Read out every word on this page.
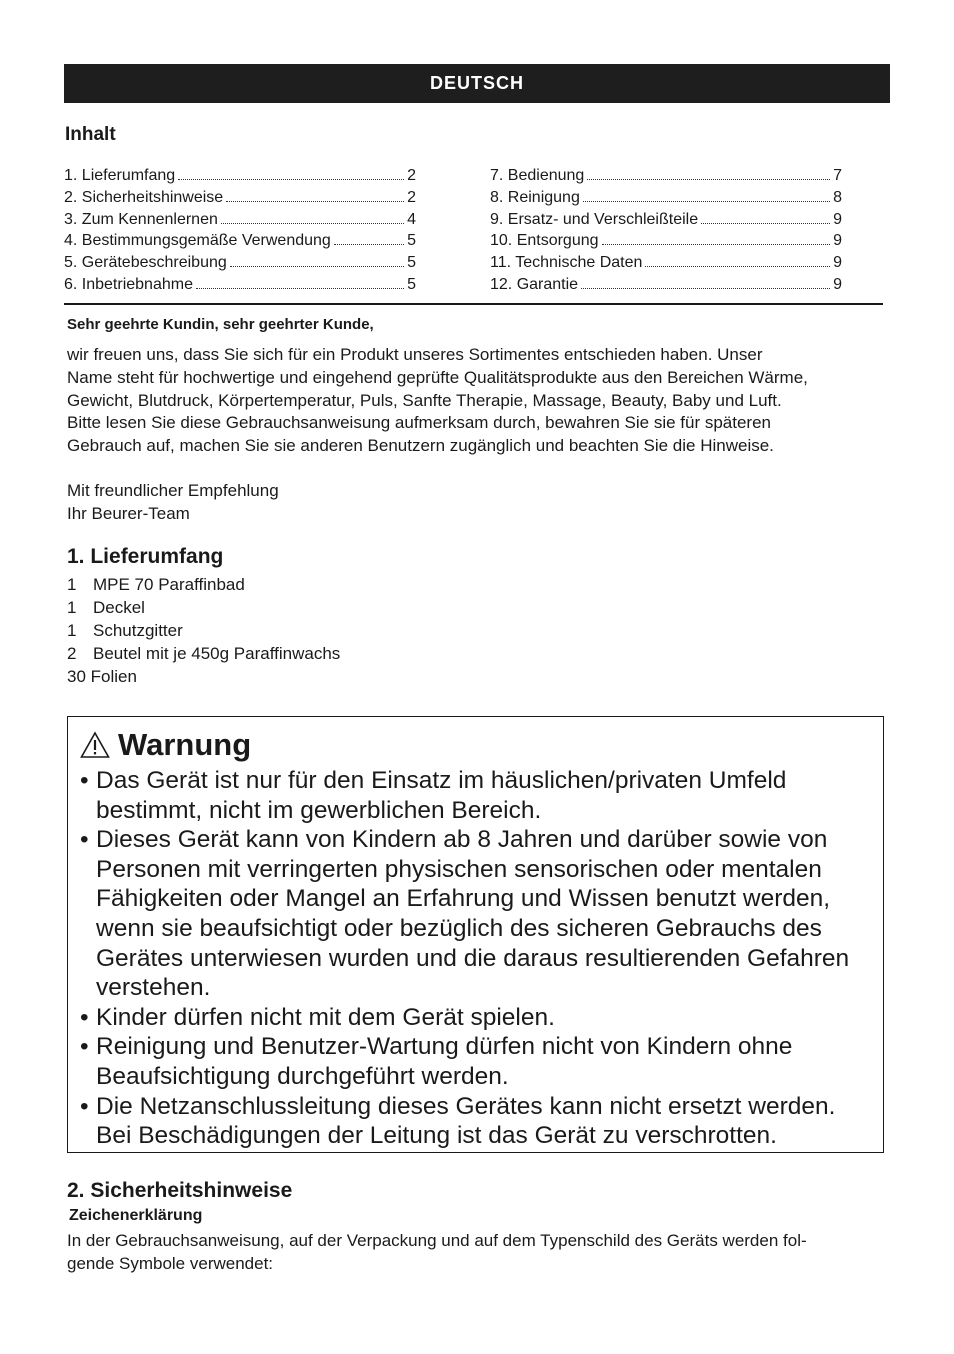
DEUTSCH
Inhalt
1. Lieferumfang	2
2. Sicherheitshinweise	2
3. Zum Kennenlernen	4
4. Bestimmungsgemäße Verwendung	5
5. Gerätebeschreibung	5
6. Inbetriebnahme	5
7. Bedienung	7
8. Reinigung	8
9. Ersatz- und Verschleißteile	9
10. Entsorgung	9
11. Technische Daten	9
12. Garantie	9
Sehr geehrte Kundin, sehr geehrter Kunde,

wir freuen uns, dass Sie sich für ein Produkt unseres Sortimentes entschieden haben. Unser

Name steht für hochwertige und eingehend geprüfte Qualitätsprodukte aus den Bereichen Wärme,

Gewicht, Blutdruck, Körpertemperatur, Puls, Sanfte Therapie, Massage, Beauty, Baby und Luft.

Bitte lesen Sie diese Gebrauchsanweisung aufmerksam durch, bewahren Sie sie für späteren

Gebrauch auf, machen Sie sie anderen Benutzern zugänglich und beachten Sie die Hinweise.

Mit freundlicher Empfehlung
Ihr Beurer-Team
1. Lieferumfang
1 MPE 70 Paraffinbad
1 Deckel
1 Schutzgitter
2 Beutel mit je 450g Paraffinwachs
30 Folien
Warnung
• Das Gerät ist nur für den Einsatz im häuslichen/privaten Umfeld
bestimmt, nicht im gewerblichen Bereich.
• Dieses Gerät kann von Kindern ab 8 Jahren und darüber sowie von
Personen mit verringerten physischen sensorischen oder mentalen
Fähigkeiten oder Mangel an Erfahrung und Wissen benutzt werden,
wenn sie beaufsichtigt oder bezüglich des sicheren Gebrauchs des
Gerätes unterwiesen wurden und die daraus resultierenden Gefahren
verstehen.
• Kinder dürfen nicht mit dem Gerät spielen.
• Reinigung und Benutzer-Wartung dürfen nicht von Kindern ohne
Beaufsichtigung durchgeführt werden.
• Die Netzanschlussleitung dieses Gerätes kann nicht ersetzt werden.
Bei Beschädigungen der Leitung ist das Gerät zu verschrotten.
2. Sicherheitshinweise
Zeichenerklärung
In der Gebrauchsanweisung, auf der Verpackung und auf dem Typenschild des Geräts werden fol-
gende Symbole verwendet:
